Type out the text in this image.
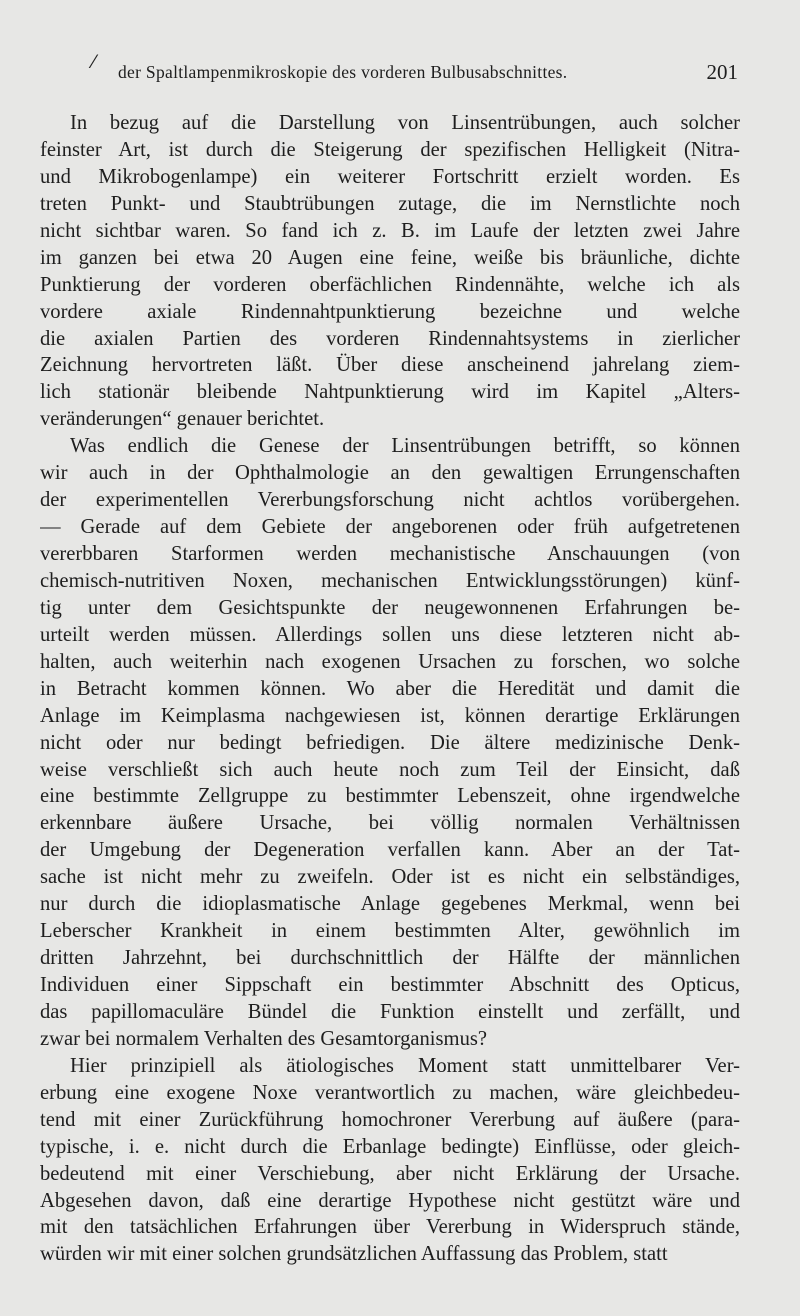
⁄ der Spaltlampenmikroskopie des vorderen Bulbusabschnittes.	201
In bezug auf die Darstellung von Linsentrübungen, auch solcher
feinster Art, ist durch die Steigerung der spezifischen Helligkeit (Nitra-
und Mikrobogenlampe) ein weiterer Fortschritt erzielt worden. Es
treten Punkt- und Staubtrübungen zutage, die im Nernstlichte noch
nicht sichtbar waren. So fand ich z. B. im Laufe der letzten zwei Jahre
im ganzen bei etwa 20 Augen eine feine, weiße bis bräunliche, dichte
Punktierung der vorderen oberfächlichen Rindennähte, welche ich als
vordere axiale Rindennahtpunktierung bezeichne und welche
die axialen Partien des vorderen Rindennahtsystems in zierlicher
Zeichnung hervortreten läßt. Über diese anscheinend jahrelang ziem-
lich stationär bleibende Nahtpunktierung wird im Kapitel „Alters-
veränderungen“ genauer berichtet.
Was endlich die Genese der Linsentrübungen betrifft, so können
wir auch in der Ophthalmologie an den gewaltigen Errungenschaften
der experimentellen Vererbungsforschung nicht achtlos vorübergehen.
— Gerade auf dem Gebiete der angeborenen oder früh aufgetretenen
vererbbaren Starformen werden mechanistische Anschauungen (von
chemisch-nutritiven Noxen, mechanischen Entwicklungsstörungen) künf-
tig unter dem Gesichtspunkte der neugewonnenen Erfahrungen be-
urteilt werden müssen. Allerdings sollen uns diese letzteren nicht ab-
halten, auch weiterhin nach exogenen Ursachen zu forschen, wo solche
in Betracht kommen können. Wo aber die Heredität und damit die
Anlage im Keimplasma nachgewiesen ist, können derartige Erklärungen
nicht oder nur bedingt befriedigen. Die ältere medizinische Denk-
weise verschließt sich auch heute noch zum Teil der Einsicht, daß
eine bestimmte Zellgruppe zu bestimmter Lebenszeit, ohne irgendwelche
erkennbare äußere Ursache, bei völlig normalen Verhältnissen
der Umgebung der Degeneration verfallen kann. Aber an der Tat-
sache ist nicht mehr zu zweifeln. Oder ist es nicht ein selbständiges,
nur durch die idioplasmatische Anlage gegebenes Merkmal, wenn bei
Leberscher Krankheit in einem bestimmten Alter, gewöhnlich im
dritten Jahrzehnt, bei durchschnittlich der Hälfte der männlichen
Individuen einer Sippschaft ein bestimmter Abschnitt des Opticus,
das papillomaculäre Bündel die Funktion einstellt und zerfällt, und
zwar bei normalem Verhalten des Gesamtorganismus?
Hier prinzipiell als ätiologisches Moment statt unmittelbarer Ver-
erbung eine exogene Noxe verantwortlich zu machen, wäre gleichbedeu-
tend mit einer Zurückführung homochroner Vererbung auf äußere (para-
typische, i. e. nicht durch die Erbanlage bedingte) Einflüsse, oder gleich-
bedeutend mit einer Verschiebung, aber nicht Erklärung der Ursache.
Abgesehen davon, daß eine derartige Hypothese nicht gestützt wäre und
mit den tatsächlichen Erfahrungen über Vererbung in Widerspruch stände,
würden wir mit einer solchen grundsätzlichen Auffassung das Problem, statt
